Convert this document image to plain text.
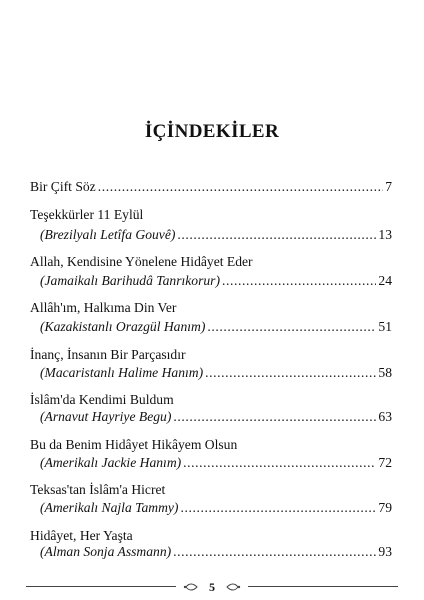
İÇİNDEKİLER
Bir Çift Söz .....	7
Teşekkürler 11 Eylül
(Brezilyalı Letîfa Gouvê) .....	13
Allah, Kendisine Yönelene Hidâyet Eder
(Jamaikalı Barihudâ Tanrıkorur) .....	24
Allâh'ım, Halkıma Din Ver
(Kazakistanlı Orazgül Hanım) .....	51
İnanç, İnsanın Bir Parçasıdır
(Macaristanlı Halime Hanım) .....	58
İslâm'da Kendimi Buldum
(Arnavut Hayriye Begu) .....	63
Bu da Benim Hidâyet Hikâyem Olsun
(Amerikalı Jackie Hanım) .....	72
Teksas'tan İslâm'a Hicret
(Amerikalı Najla Tammy) .....	79
Hidâyet, Her Yaşta
(Alman Sonja Assmann) .....	93
5
